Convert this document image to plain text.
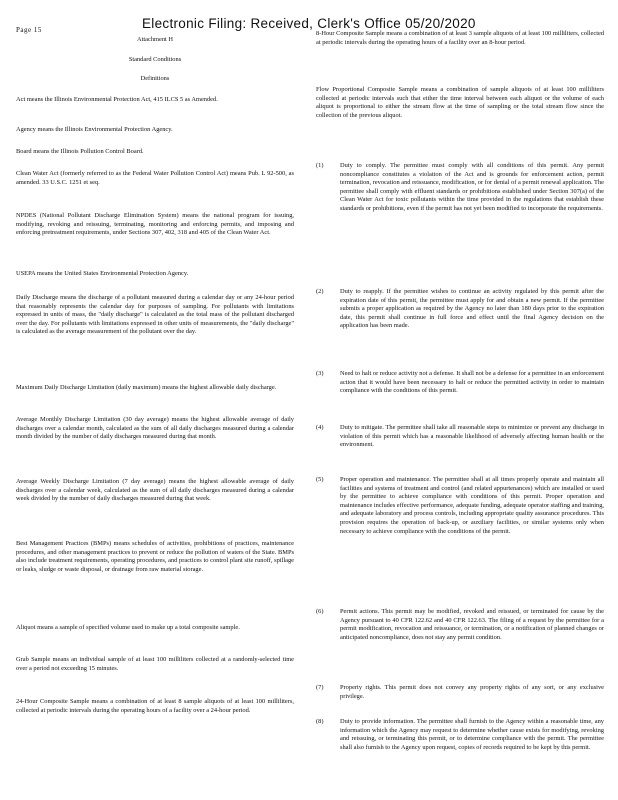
Page 15	Electronic Filing: Received, Clerk's Office 05/20/2020

Attachment H

Standard Conditions

Definitions

Act means the Illinois Environmental Protection Act, 415 ILCS 5 as Amended.

Agency means the Illinois Environmental Protection Agency.

Board means the Illinois Pollution Control Board.

Clean Water Act (formerly referred to as the Federal Water Pollution Control Act) means Pub. L 92-500, as amended. 33 U.S.C. 1251 et seq.

NPDES (National Pollutant Discharge Elimination System) means the national program for issuing, modifying, revoking and reissuing, terminating, monitoring and enforcing permits, and imposing and enforcing pretreatment requirements, under Sections 307, 402, 318 and 405 of the Clean Water Act.

USEPA means the United States Environmental Protection Agency.

Daily Discharge means the discharge of a pollutant measured during a calendar day or any 24-hour period that reasonably represents the calendar day for purposes of sampling. For pollutants with limitations expressed in units of mass, the "daily discharge" is calculated as the total mass of the pollutant discharged over the day. For pollutants with limitations expressed in other units of measurements, the "daily discharge" is calculated as the average measurement of the pollutant over the day.

Maximum Daily Discharge Limitation (daily maximum) means the highest allowable daily discharge.

Average Monthly Discharge Limitation (30 day average) means the highest allowable average of daily discharges over a calendar month, calculated as the sum of all daily discharges measured during a calendar month divided by the number of daily discharges measured during that month.

Average Weekly Discharge Limitation (7 day average) means the highest allowable average of daily discharges over a calendar week, calculated as the sum of all daily discharges measured during a calendar week divided by the number of daily discharges measured during that week.

Best Management Practices (BMPs) means schedules of activities, prohibitions of practices, maintenance procedures, and other management practices to prevent or reduce the pollution of waters of the State. BMPs also include treatment requirements, operating procedures, and practices to control plant site runoff, spillage or leaks, sludge or waste disposal, or drainage from raw material storage.

Aliquot means a sample of specified volume used to make up a total composite sample.

Grab Sample means an individual sample of at least 100 milliliters collected at a randomly-selected time over a period not exceeding 15 minutes.

24-Hour Composite Sample means a combination of at least 8 sample aliquots of at least 100 milliliters, collected at periodic intervals during the operating hours of a facility over a 24-hour period.

8-Hour Composite Sample means a combination of at least 3 sample aliquots of at least 100 milliliters, collected at periodic intervals during the operating hours of a facility over an 8-hour period.

Flow Proportional Composite Sample means a combination of sample aliquots of at least 100 milliliters collected at periodic intervals such that either the time interval between each aliquot or the volume of each aliquot is proportional to either the stream flow at the time of sampling or the total stream flow since the collection of the previous aliquot.

(1)	Duty to comply. The permittee must comply with all conditions of this permit. Any permit noncompliance constitutes a violation of the Act and is grounds for enforcement action, permit termination, revocation and reissuance, modification, or for denial of a permit renewal application. The permittee shall comply with effluent standards or prohibitions established under Section 307(a) of the Clean Water Act for toxic pollutants within the time provided in the regulations that establish these standards or prohibitions, even if the permit has not yet been modified to incorporate the requirements.

(2)	Duty to reapply. If the permittee wishes to continue an activity regulated by this permit after the expiration date of this permit, the permittee must apply for and obtain a new permit. If the permittee submits a proper application as required by the Agency no later than 180 days prior to the expiration date, this permit shall continue in full force and effect until the final Agency decision on the application has been made.

(3)	Need to halt or reduce activity not a defense. It shall not be a defense for a permittee in an enforcement action that it would have been necessary to halt or reduce the permitted activity in order to maintain compliance with the conditions of this permit.

(4)	Duty to mitigate. The permittee shall take all reasonable steps to minimize or prevent any discharge in violation of this permit which has a reasonable likelihood of adversely affecting human health or the environment.

(5)	Proper operation and maintenance. The permittee shall at all times properly operate and maintain all facilities and systems of treatment and control (and related appurtenances) which are installed or used by the permittee to achieve compliance with conditions of this permit. Proper operation and maintenance includes effective performance, adequate funding, adequate operator staffing and training, and adequate laboratory and process controls, including appropriate quality assurance procedures. This provision requires the operation of back-up, or auxiliary facilities, or similar systems only when necessary to achieve compliance with the conditions of the permit.

(6)	Permit actions. This permit may be modified, revoked and reissued, or terminated for cause by the Agency pursuant to 40 CFR 122.62 and 40 CFR 122.63. The filing of a request by the permittee for a permit modification, revocation and reissuance, or termination, or a notification of planned changes or anticipated noncompliance, does not stay any permit condition.

(7)	Property rights. This permit does not convey any property rights of any sort, or any exclusive privilege.

(8)	Duty to provide information. The permittee shall furnish to the Agency within a reasonable time, any information which the Agency may request to determine whether cause exists for modifying, revoking and reissuing, or terminating this permit, or to determine compliance with the permit. The permittee shall also furnish to the Agency upon request, copies of records required to be kept by this permit.
